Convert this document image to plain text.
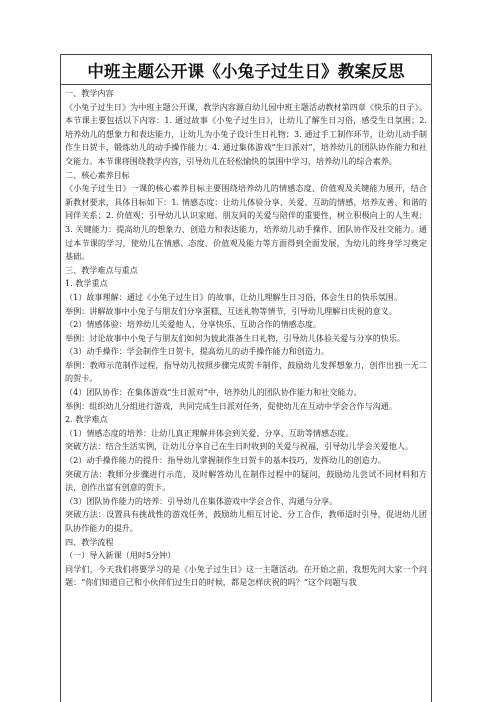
中班主题公开课《小兔子过生日》教案反思

一、教学内容

《小兔子过生日》为中班主题公开课，教学内容源自幼儿园中班主题活动教材第四章《快乐的日子》。本节课主要包括以下内容：1. 通过故事《小兔子过生日》，让幼儿了解生日习俗，感受生日氛围；2. 培养幼儿的想象力和表达能力，让幼儿为小兔子设计生日礼物；3. 通过手工制作环节，让幼儿动手制作生日贺卡，锻炼幼儿的动手操作能力；4. 通过集体游戏“生日派对”，培养幼儿的团队协作能力和社交能力。本节课将围绕教学内容，引导幼儿在轻松愉快的氛围中学习，培养幼儿的综合素养。

二、核心素养目标

《小兔子过生日》一课的核心素养目标主要围绕培养幼儿的情感态度、价值观及关键能力展开，结合新教材要求，具体目标如下：1. 情感态度：让幼儿体验分享、关爱、互助的情感，培养友善、和谐的同伴关系；2. 价值观：引导幼儿认识家庭、朋友间的关爱与陪伴的重要性，树立积极向上的人生观；3. 关键能力：提高幼儿的想象力、创造力和表达能力，培养幼儿动手操作、团队协作及社交能力。通过本节课的学习，使幼儿在情感、态度、价值观及能力等方面得到全面发展，为幼儿的终身学习奠定基础。

三、教学难点与重点

1. 教学重点

（1）故事理解：通过《小兔子过生日》的故事，让幼儿理解生日习俗，体会生日的快乐氛围。

举例：讲解故事中小兔子与朋友们分享蛋糕、互送礼物等情节，引导幼儿理解日庆祝的意义。

（2）情感体验：培养幼儿关爱他人、分享快乐、互助合作的情感态度。

举例：讨论故事中小兔子与朋友们如何为彼此准备生日礼物，引导幼儿体验关爱与分享的快乐。

（3）动手操作：学会制作生日贺卡，提高幼儿的动手操作能力和创造力。

举例：教师示范制作过程，指导幼儿按照步骤完成贺卡制作，鼓励幼儿发挥想象力，创作出独一无二的贺卡。

（4）团队协作：在集体游戏“生日派对”中，培养幼儿的团队协作能力和社交能力。

举例：组织幼儿分组进行游戏，共同完成生日派对任务，促使幼儿在互动中学会合作与沟通。

2. 教学难点

（1）情感态度的培养：让幼儿真正理解并体会到关爱、分享、互助等情感态度。

突破方法：结合生活实例，让幼儿分享自己在生日时收到的关爱与祝福，引导幼儿学会关爱他人。

（2）动手操作能力的提升：指导幼儿掌握制作生日贺卡的基本技巧，发挥幼儿的创造力。

突破方法：教师分步骤进行示范，及时解答幼儿在制作过程中的疑问，鼓励幼儿尝试不同材料和方法，创作出富有创意的贺卡。

（3）团队协作能力的培养：引导幼儿在集体游戏中学会合作、沟通与分享。

突破方法：设置具有挑战性的游戏任务，鼓励幼儿相互讨论、分工合作，教师适时引导，促进幼儿团队协作能力的提升。

四、教学流程

（一）导入新课（用时5分钟）

同学们，今天我们将要学习的是《小兔子过生日》这一主题活动。在开始之前，我想先问大家一个问题：“你们知道自己和小伙伴们过生日的时候，都是怎样庆祝的吗？”这个问题与我
